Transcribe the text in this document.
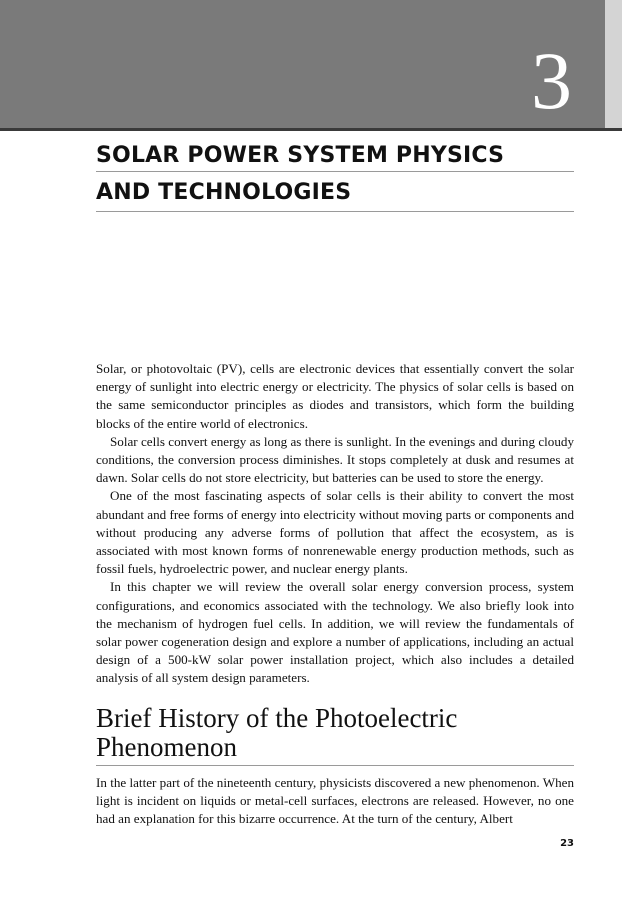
3
SOLAR POWER SYSTEM PHYSICS
AND TECHNOLOGIES

Solar, or photovoltaic (PV), cells are electronic devices that essentially convert the solar energy of sunlight into electric energy or electricity. The physics of solar cells is based on the same semiconductor principles as diodes and transistors, which form the building blocks of the entire world of electronics.

Solar cells convert energy as long as there is sunlight. In the evenings and during cloudy conditions, the conversion process diminishes. It stops completely at dusk and resumes at dawn. Solar cells do not store electricity, but batteries can be used to store the energy.

One of the most fascinating aspects of solar cells is their ability to convert the most abundant and free forms of energy into electricity without moving parts or components and without producing any adverse forms of pollution that affect the ecosystem, as is associated with most known forms of nonrenewable energy production methods, such as fossil fuels, hydroelectric power, and nuclear energy plants.

In this chapter we will review the overall solar energy conversion process, system configurations, and economics associated with the technology. We also briefly look into the mechanism of hydrogen fuel cells. In addition, we will review the fundamentals of solar power cogeneration design and explore a number of applications, including an actual design of a 500-kW solar power installation project, which also includes a detailed analysis of all system design parameters.

Brief History of the Photoelectric Phenomenon

In the latter part of the nineteenth century, physicists discovered a new phenomenon. When light is incident on liquids or metal-cell surfaces, electrons are released. However, no one had an explanation for this bizarre occurrence. At the turn of the century, Albert

23
